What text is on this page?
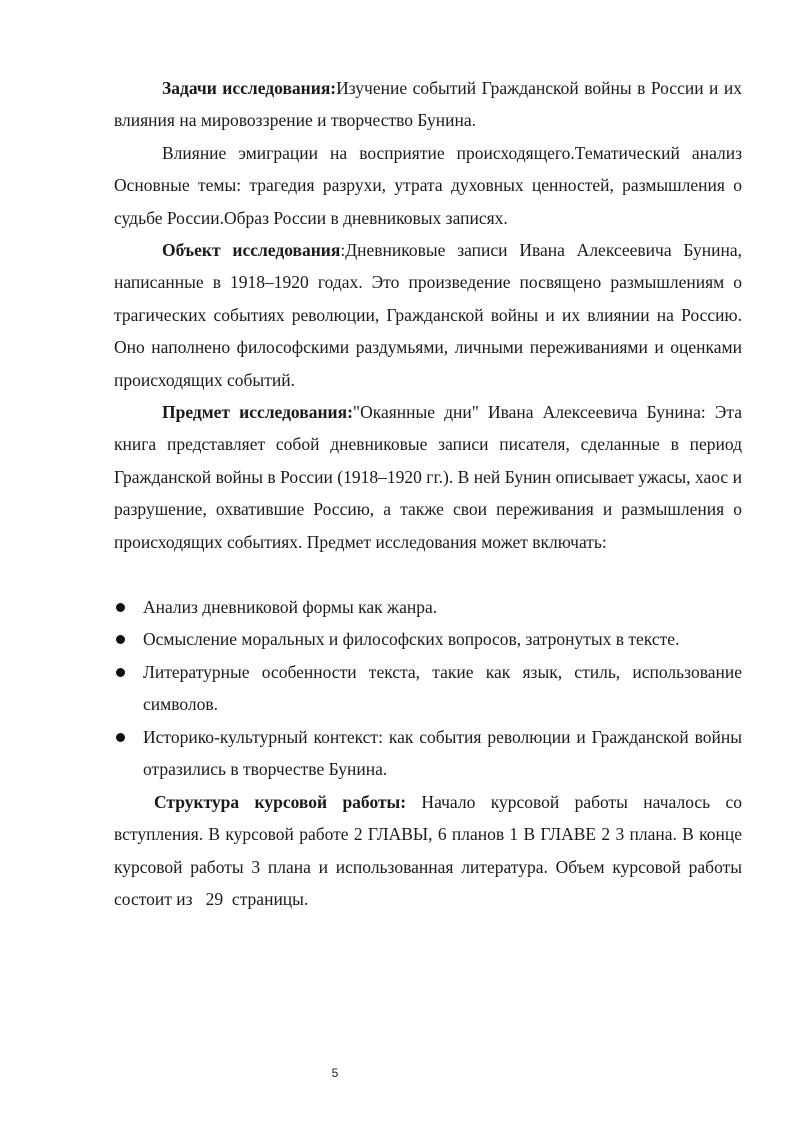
Задачи исследования:Изучение событий Гражданской войны в России и их влияния на мировоззрение и творчество Бунина.

Влияние эмиграции на восприятие происходящего.Тематический анализ Основные темы: трагедия разрухи, утрата духовных ценностей, размышления о судьбе России.Образ России в дневниковых записях.

Объект исследования:Дневниковые записи Ивана Алексеевича Бунина, написанные в 1918–1920 годах. Это произведение посвящено размышлениям о трагических событиях революции, Гражданской войны и их влиянии на Россию. Оно наполнено философскими раздумьями, личными переживаниями и оценками происходящих событий.

Предмет исследования:"Окаянные дни" Ивана Алексеевича Бунина: Эта книга представляет собой дневниковые записи писателя, сделанные в период Гражданской войны в России (1918–1920 гг.). В ней Бунин описывает ужасы, хаос и разрушение, охватившие Россию, а также свои переживания и размышления о происходящих событиях. Предмет исследования может включать:

Анализ дневниковой формы как жанра.
Осмысление моральных и философских вопросов, затронутых в тексте.
Литературные особенности текста, такие как язык, стиль, использование символов.
Историко-культурный контекст: как события революции и Гражданской войны отразились в творчестве Бунина.

Структура курсовой работы: Начало курсовой работы началось со вступления. В курсовой работе 2 ГЛАВЫ, 6 планов 1 В ГЛАВЕ 2 3 плана. В конце курсовой работы 3 плана и использованная литература. Объем курсовой работы состоит из   29  страницы.

5
